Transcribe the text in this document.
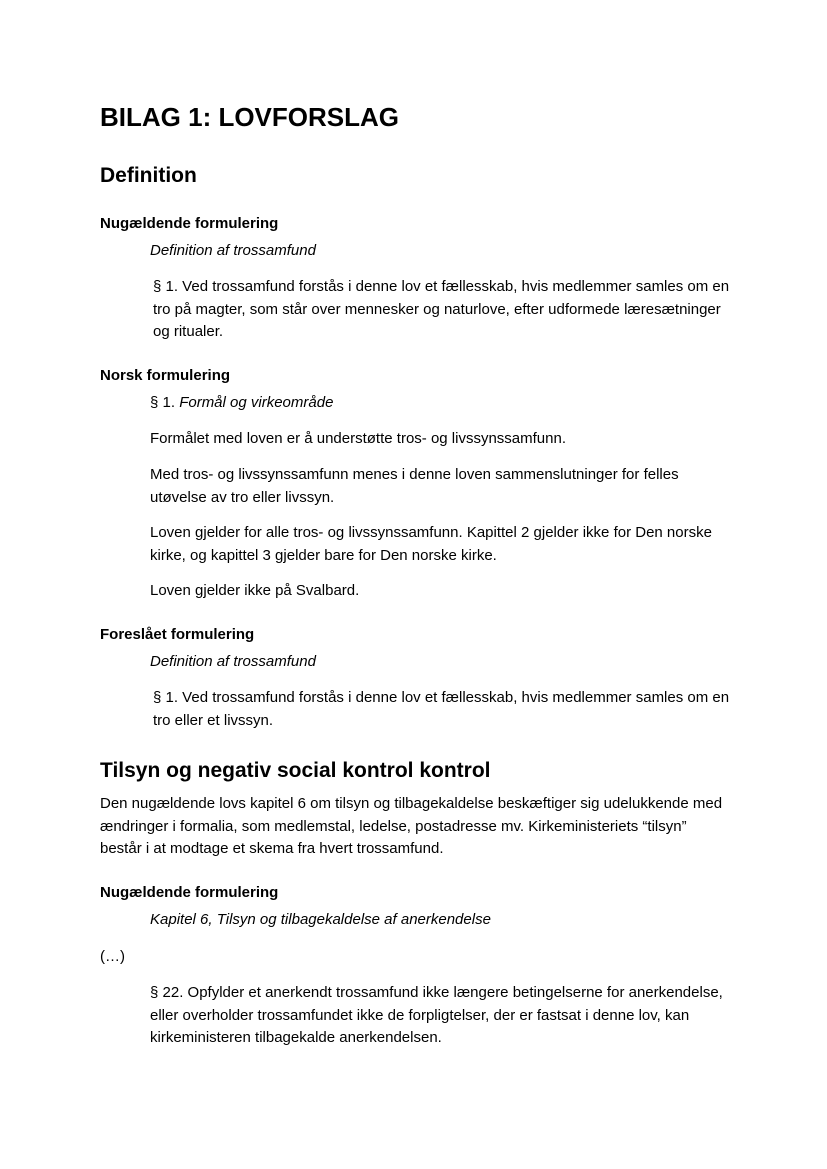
BILAG 1: LOVFORSLAG
Definition
Nugældende formulering

Definition af trossamfund

§ 1. Ved trossamfund forstås i denne lov et fællesskab, hvis medlemmer samles om en tro på magter, som står over mennesker og naturlove, efter udformede læresætninger og ritualer.

Norsk formulering

§ 1. Formål og virkeområde

Formålet med loven er å understøtte tros- og livssynssamfunn.

Med tros- og livssynssamfunn menes i denne loven sammenslutninger for felles utøvelse av tro eller livssyn.

Loven gjelder for alle tros- og livssynssamfunn. Kapittel 2 gjelder ikke for Den norske kirke, og kapittel 3 gjelder bare for Den norske kirke.

Loven gjelder ikke på Svalbard.

Foreslået formulering

Definition af trossamfund

§ 1. Ved trossamfund forstås i denne lov et fællesskab, hvis medlemmer samles om en tro eller et livssyn.

Tilsyn og negativ social kontrol kontrol

Den nugældende lovs kapitel 6 om tilsyn og tilbagekaldelse beskæftiger sig udelukkende med ændringer i formalia, som medlemstal, ledelse, postadresse mv. Kirkeministeriets “tilsyn” består i at modtage et skema fra hvert trossamfund.

Nugældende formulering

Kapitel 6, Tilsyn og tilbagekaldelse af anerkendelse

(…)

§ 22. Opfylder et anerkendt trossamfund ikke længere betingelserne for anerkendelse, eller overholder trossamfundet ikke de forpligtelser, der er fastsat i denne lov, kan kirkeministeren tilbagekalde anerkendelsen.
